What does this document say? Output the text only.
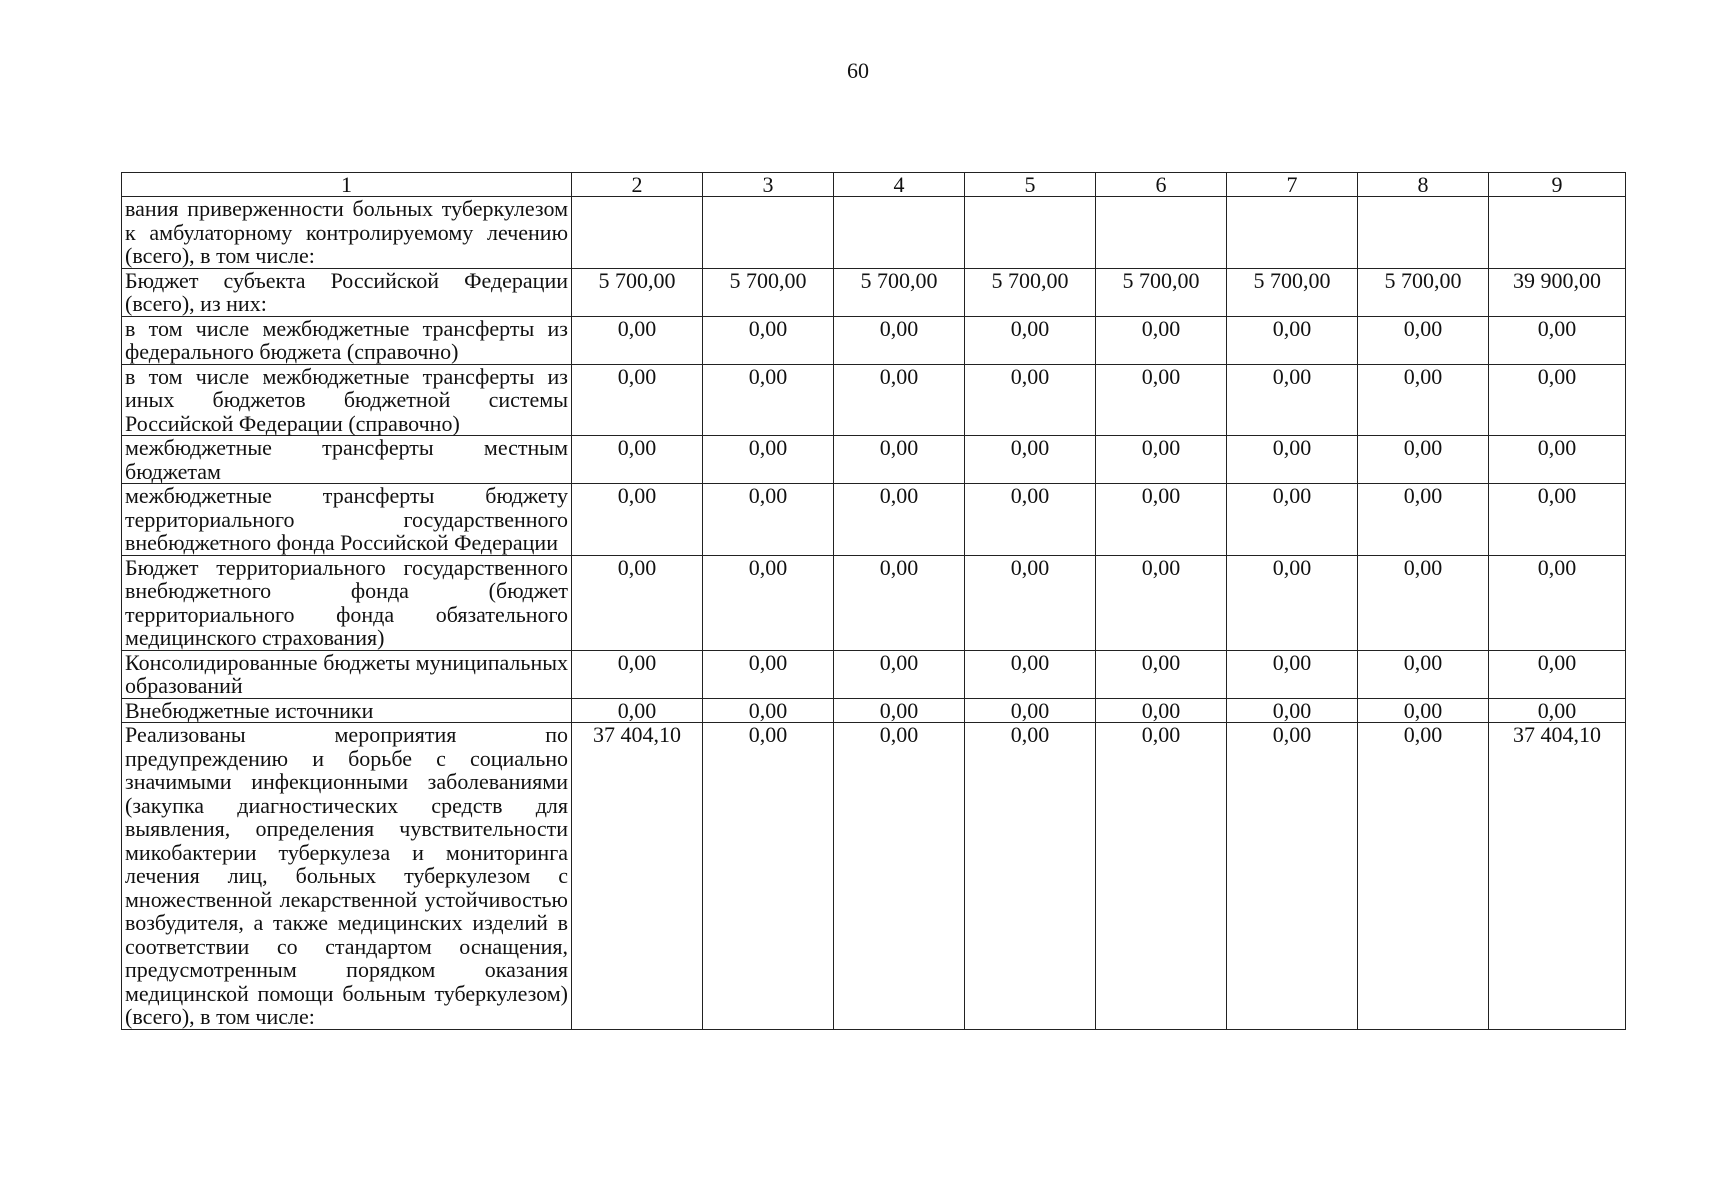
60
1	2	3	4	5	6	7	8	9
вания приверженности больных туберкулезом к амбулаторному контролируемому лечению (всего), в том числе:								
Бюджет субъекта Российской Федерации (всего), из них:	5 700,00	5 700,00	5 700,00	5 700,00	5 700,00	5 700,00	5 700,00	39 900,00
в том числе межбюджетные трансферты из федерального бюджета (справочно)	0,00	0,00	0,00	0,00	0,00	0,00	0,00	0,00
в том числе межбюджетные трансферты из иных бюджетов бюджетной системы Российской Федерации (справочно)	0,00	0,00	0,00	0,00	0,00	0,00	0,00	0,00
межбюджетные трансферты местным бюджетам	0,00	0,00	0,00	0,00	0,00	0,00	0,00	0,00
межбюджетные трансферты бюджету территориального государственного внебюджетного фонда Российской Федерации	0,00	0,00	0,00	0,00	0,00	0,00	0,00	0,00
Бюджет территориального государственного внебюджетного фонда (бюджет территориального фонда обязательного медицинского страхования)	0,00	0,00	0,00	0,00	0,00	0,00	0,00	0,00
Консолидированные бюджеты муниципальных образований	0,00	0,00	0,00	0,00	0,00	0,00	0,00	0,00
Внебюджетные источники	0,00	0,00	0,00	0,00	0,00	0,00	0,00	0,00
Реализованы мероприятия по предупреждению и борьбе с социально значимыми инфекционными заболеваниями (закупка диагностических средств для выявления, определения чувствительности микобактерии туберкулеза и мониторинга лечения лиц, больных туберкулезом с множественной лекарственной устойчивостью возбудителя, а также медицинских изделий в соответствии со стандартом оснащения, предусмотренным порядком оказания медицинской помощи больным туберкулезом) (всего), в том числе:	37 404,10	0,00	0,00	0,00	0,00	0,00	0,00	37 404,10
